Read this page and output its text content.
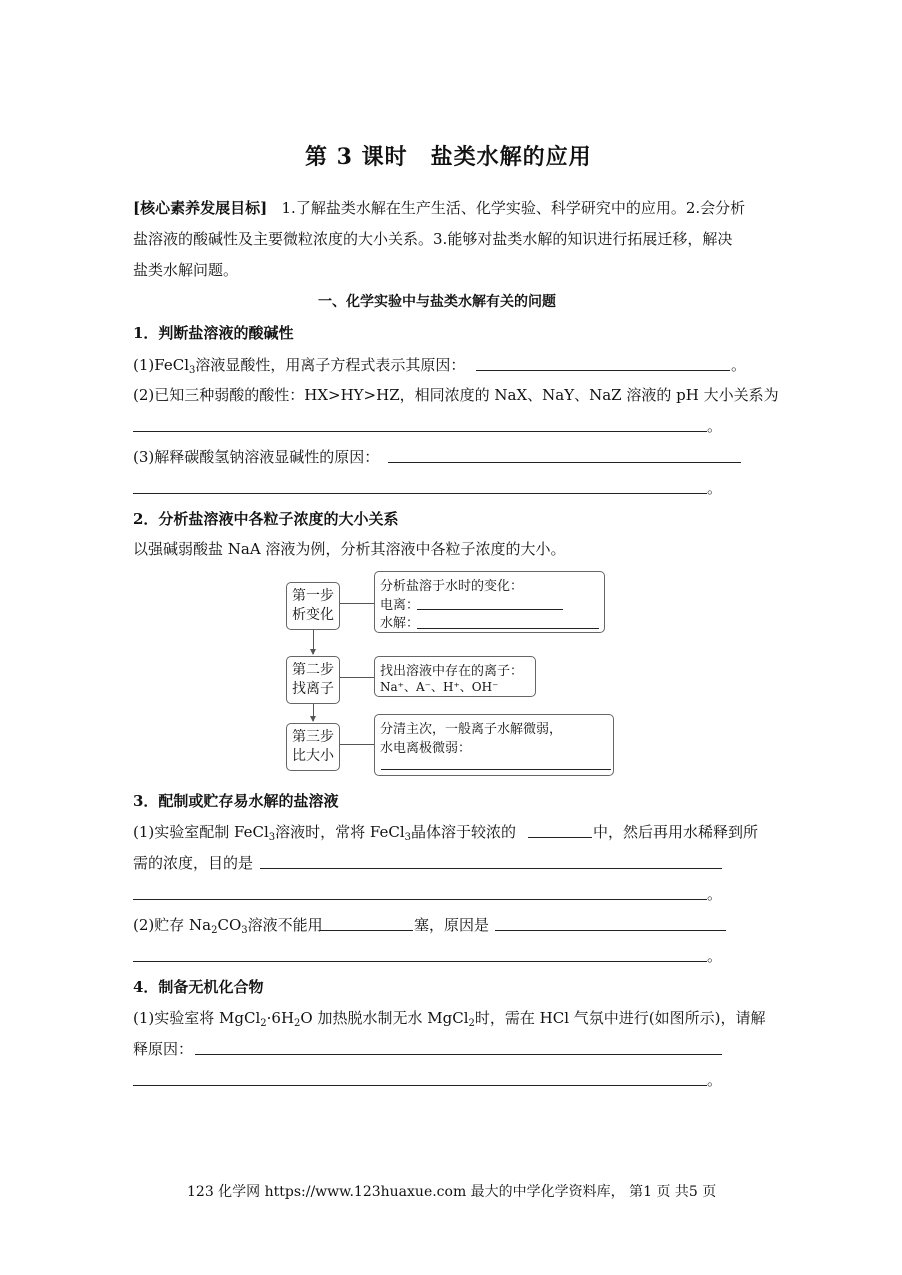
第 3 课时　盐类水解的应用
[核心素养发展目标] 1.了解盐类水解在生产生活、化学实验、科学研究中的应用。2.会分析
盐溶液的酸碱性及主要微粒浓度的大小关系。3.能够对盐类水解的知识进行拓展迁移，解决
盐类水解问题。
一、化学实验中与盐类水解有关的问题
1．判断盐溶液的酸碱性
(1)FeCl$_3$溶液显酸性，用离子方程式表示其原因：	。
(2)已知三种弱酸的酸性：HX>HY>HZ，相同浓度的 NaX、NaY、NaZ 溶液的 pH 大小关系为
。
(3)解释碳酸氢钠溶液显碱性的原因：
。
2．分析盐溶液中各粒子浓度的大小关系
以强碱弱酸盐 NaA 溶液为例，分析其溶液中各粒子浓度的大小。
第一步
析变化
第二步
找离子
第三步
比大小
分析盐溶于水时的变化：
电离：
水解：
找出溶液中存在的离子：
Na⁺、A⁻、H⁺、OH⁻
分清主次，一般离子水解微弱，
水电离极微弱：
3．配制或贮存易水解的盐溶液
(1)实验室配制 FeCl$_3$溶液时，常将 FeCl$_3$晶体溶于较浓的	中，然后再用水稀释到所
需的浓度，目的是
。
(2)贮存 $Na_2CO_3$溶液不能用	塞，原因是
。
4．制备无机化合物
(1)实验室将 $MgCl_2\cdot 6H_2O$ 加热脱水制无水 MgCl$_2$时，需在 HCl 气氛中进行(如图所示)，请解
释原因：
。
123 化学网 https://www.123huaxue.com 最大的中学化学资料库， 第1 页 共5 页
